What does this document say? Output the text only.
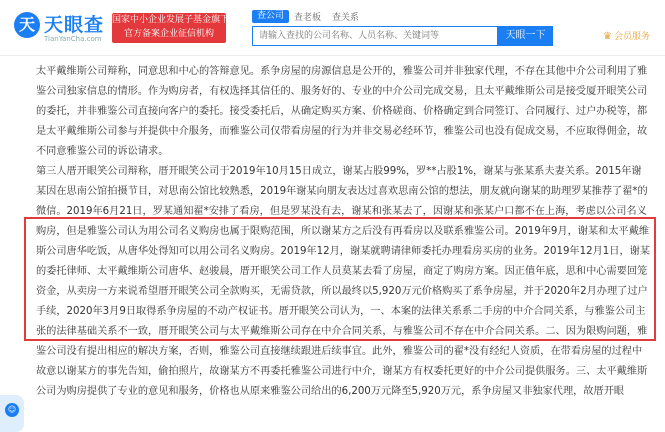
天 天眼查
TianYanCha.com
国家中小企业发展子基金旗下
官方备案企业征信机构
查公司	查老板 查关系
请输入查找的公司名称、人员名称、关键词等
天眼一下	♛ 会员服务

太平戴维斯公司辩称，同意思和中心的答辩意见。系争房屋的房源信息是公开的，雅鉴公司并非独家代理，不存在其他中介公司利用了雅鉴公司独家信息的情形。作为购房者，有权选择其信任的、服务好的、专业的中介公司完成交易，且太平戴维斯公司是接受厦开眼笑公司的委托，并非雅鉴公司直接向客户的委托。接受委托后，从确定购买方案、价格磋商、价格确定到合同签订、合同履行、过户办税等，都是太平戴维斯公司参与并提供中介服务，而雅鉴公司仅带看房屋的行为并非交易必经环节，雅鉴公司也没有促成交易，不应取得佣金，故不同意雅鉴公司的诉讼请求。

第三人厝开眼笑公司辩称，厝开眼笑公司于2019年10月15日成立，谢某占股99%，罗**占股1%，谢某与张某系夫妻关系。2015年谢某因在思南公馆拍摄节目，对思南公馆比较熟悉，2019年谢某向朋友表达过喜欢思南公馆的想法，朋友就向谢某的助理罗某推荐了翟*的微信。2019年6月21日，罗某通知翟*安排了看房，但是罗某没有去，谢某和张某去了，因谢某和张某户口都不在上海，考虑以公司名义购房，但是雅鉴公司认为用公司名义购房也属于限购范围，所以谢某方之后没有再看房以及联系雅鉴公司。2019年9月，谢某和太平戴维斯公司唐华吃饭，从唐华处得知可以用公司名义购房。2019年12月，谢某就聘请律师委托办理看房买房的业务。2019年12月1日，谢某的委托律师、太平戴维斯公司唐华、赵骏晨，厝开眼笑公司工作人员莫某去看了房屋，商定了购房方案。因正值年底，思和中心需要回笼资金，从卖房一方来说希望厝开眼笑公司全款购买，无需贷款，所以最终以5,920万元价格购买了系争房屋，并于2020年2月办理了过户手续，2020年3月9日取得系争房屋的不动产权证书。厝开眼笑公司认为，一、本案的法律关系系二手房的中介合同关系，与雅鉴公司主张的法律基础关系不一致，厝开眼笑公司与太平戴维斯公司存在中介合同关系，与雅鉴公司不存在中介合同关系。二、因为限购问题，雅鉴公司没有提出相应的解决方案，否则，雅鉴公司直接继续跟进后续事宜。此外，雅鉴公司的翟*没有经纪人资质，在带看房屋的过程中故意以谢某方的事先告知，偷拍照片，故谢某方不再委托雅鉴公司进行中介，谢某方有权委托更好的中介公司提供服务。三、太平戴维斯公司为购房提供了专业的意见和服务，价格也从原来雅鉴公司给出的6,200万元降至5,920万元，系争房屋又非独家代理，故厝开眼

☺
